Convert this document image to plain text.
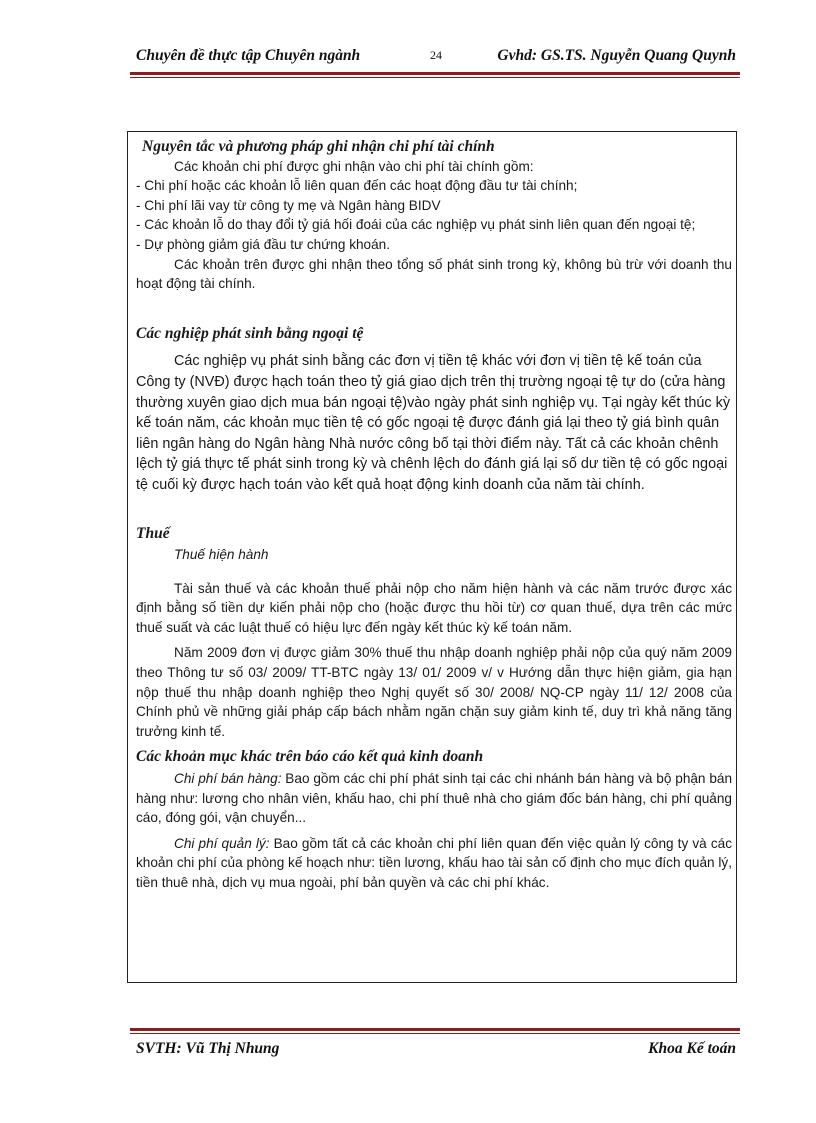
Chuyên đề thực tập Chuyên ngành	24	Gvhd: GS.TS. Nguyễn Quang Quynh

Nguyên tắc và phương pháp ghi nhận chi phí tài chính

Các khoản chi phí được ghi nhận vào chi phí tài chính gồm:

- Chi phí hoặc các khoản lỗ liên quan đến các hoạt động đầu tư tài chính;

- Chi phí lãi vay từ công ty mẹ và Ngân hàng BIDV

- Các khoản lỗ do thay đổi tỷ giá hối đoái của các nghiệp vụ phát sinh liên quan đến ngoại tệ;

- Dự phòng giảm giá đầu tư chứng khoán.

Các khoản trên được ghi nhận theo tổng số phát sinh trong kỳ, không bù trừ với doanh thu hoạt động tài chính.

Các nghiệp phát sinh bằng ngoại tệ

Các nghiệp vụ phát sinh bằng các đơn vị tiền tệ khác với đơn vị tiền tệ kế toán của Công ty (NVĐ) được hạch toán theo tỷ giá giao dịch trên thị trường ngoại tệ tự do (cửa hàng thường xuyên giao dịch mua bán ngoại tệ)vào ngày phát sinh nghiệp vụ. Tại ngày kết thúc kỳ kế toán năm, các khoản mục tiền tệ có gốc ngoại tệ được đánh giá lại theo tỷ giá bình quân liên ngân hàng do Ngân hàng Nhà nước công bố tại thời điểm này. Tất cả các khoản chênh lệch tỷ giá thực tế phát sinh trong kỳ và chênh lệch do đánh giá lại số dư tiền tệ có gốc ngoại tệ cuối kỳ được hạch toán vào kết quả hoạt động kinh doanh của năm tài chính.

Thuế

Thuế hiện hành

Tài sản thuế và các khoản thuế phải nộp cho năm hiện hành và các năm trước được xác định bằng số tiền dự kiến phải nộp cho (hoặc được thu hồi từ) cơ quan thuế, dựa trên các mức thuế suất và các luật thuế có hiệu lực đến ngày kết thúc kỳ kế toán năm.

Năm 2009 đơn vị được giảm 30% thuế thu nhập doanh nghiệp phải nộp của quý năm 2009 theo Thông tư số 03/ 2009/ TT-BTC ngày 13/ 01/ 2009 v/ v Hướng dẫn thực hiện giảm, gia hạn nộp thuế thu nhập doanh nghiệp theo Nghị quyết số 30/ 2008/ NQ-CP ngày 11/ 12/ 2008 của Chính phủ về những giải pháp cấp bách nhằm ngăn chặn suy giảm kinh tế, duy trì khả năng tăng trưởng kinh tế.

Các khoản mục khác trên báo cáo kết quả kinh doanh

Chi phí bán hàng: Bao gồm các chi phí phát sinh tại các chi nhánh bán hàng và bộ phận bán hàng như: lương cho nhân viên, khấu hao, chi phí thuê nhà cho giám đốc bán hàng, chi phí quảng cáo, đóng gói, vận chuyển...

Chi phí quản lý: Bao gồm tất cả các khoản chi phí liên quan đến việc quản lý công ty và các khoản chi phí của phòng kế hoạch như: tiền lương, khấu hao tài sản cố định cho mục đích quản lý, tiền thuê nhà, dịch vụ mua ngoài, phí bản quyền và các chi phí khác.

SVTH: Vũ Thị Nhung	Khoa Kế toán
